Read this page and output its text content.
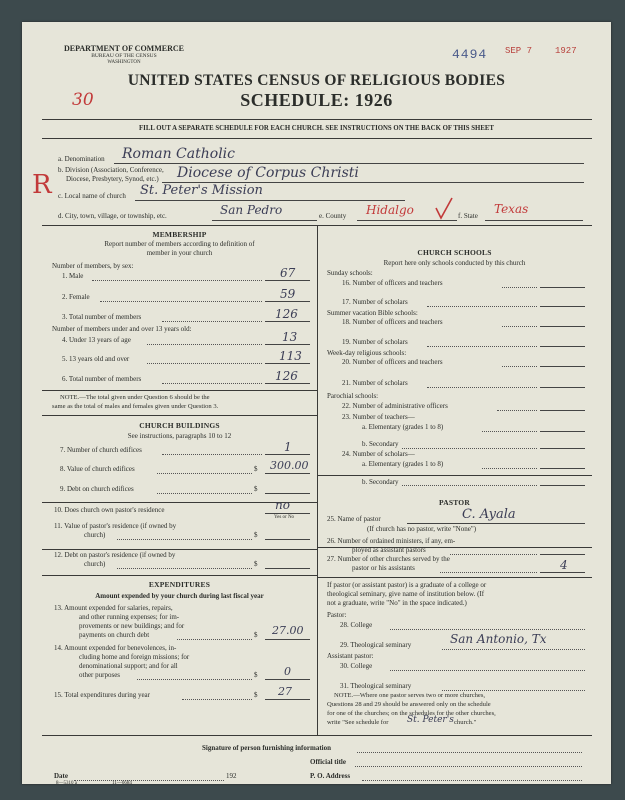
DEPARTMENT OF COMMERCE
BUREAU OF THE CENSUS
WASHINGTON
4494 SEP 7	1927
30
UNITED STATES CENSUS OF RELIGIOUS BODIES
SCHEDULE: 1926
FILL OUT A SEPARATE SCHEDULE FOR EACH CHURCH. SEE INSTRUCTIONS ON THE BACK OF THIS SHEET
R
a. Denomination Roman Catholic
b. Division (Association, Conference,
Diocese, Presbytery, Synod, etc.) Diocese of Corpus Christi
c. Local name of church St. Peter's Mission
d. City, town, village, or township, etc.	San Pedro	e. County Hidalgo	f. State Texas
MEMBERSHIP
Report number of members according to definition of
member in your church
Number of members, by sex:
1. Male	67
2. Female	59
3. Total number of members	126
Number of members under and over 13 years old:
4. Under 13 years of age	13
5. 13 years old and over	113
6. Total number of members	126
NOTE.—The total given under Question 6 should be the
same as the total of males and females given under Question 3.
CHURCH BUILDINGS
See instructions, paragraphs 10 to 12
7. Number of church edifices	1
8. Value of church edifices	$ 300.00
9. Debt on church edifices	$
10. Does church own pastor's residence	no
Yes or No
11. Value of pastor's residence (if owned by
church)	$
12. Debt on pastor's residence (if owned by
church)	$
EXPENDITURES
Amount expended by your church during last fiscal year
13. Amount expended for salaries, repairs,
and other running expenses; for im-
provements or new buildings; and for
payments on church debt	$ 27.00
14. Amount expended for benevolences, in-
cluding home and foreign missions; for
denominational support; and for all
other purposes	$ 0
15. Total expenditures during year	$ 27
CHURCH SCHOOLS
Report here only schools conducted by this church
Sunday schools:
16. Number of officers and teachers
17. Number of scholars
Summer vacation Bible schools:
18. Number of officers and teachers
19. Number of scholars
Week-day religious schools:
20. Number of officers and teachers
21. Number of scholars
Parochial schools:
22. Number of administrative officers
23. Number of teachers—
a. Elementary (grades 1 to 8)
b. Secondary
24. Number of scholars—
a. Elementary (grades 1 to 8)
b. Secondary
PASTOR
25. Name of pastor	C. Ayala
(If church has no pastor, write "None")
26. Number of ordained ministers, if any, em-
ployed as assistant pastors
27. Number of other churches served by the
pastor or his assistants	4
If pastor (or assistant pastor) is a graduate of a college or
theological seminary, give name of institution below. (If
not a graduate, write "No" in the space indicated.)
Pastor:
28. College
29. Theological seminary	San Antonio, Tx
Assistant pastor:
30. College
31. Theological seminary
NOTE.—Where one pastor serves two or more churches,
Questions 28 and 29 should be answered only on the schedule
for one of the churches; on the schedules for the other churches,
write "See schedule for St. Peter's church."
Signature of person furnishing information
Official title
Date	192	P. O. Address
8—5310 a	11—6684
